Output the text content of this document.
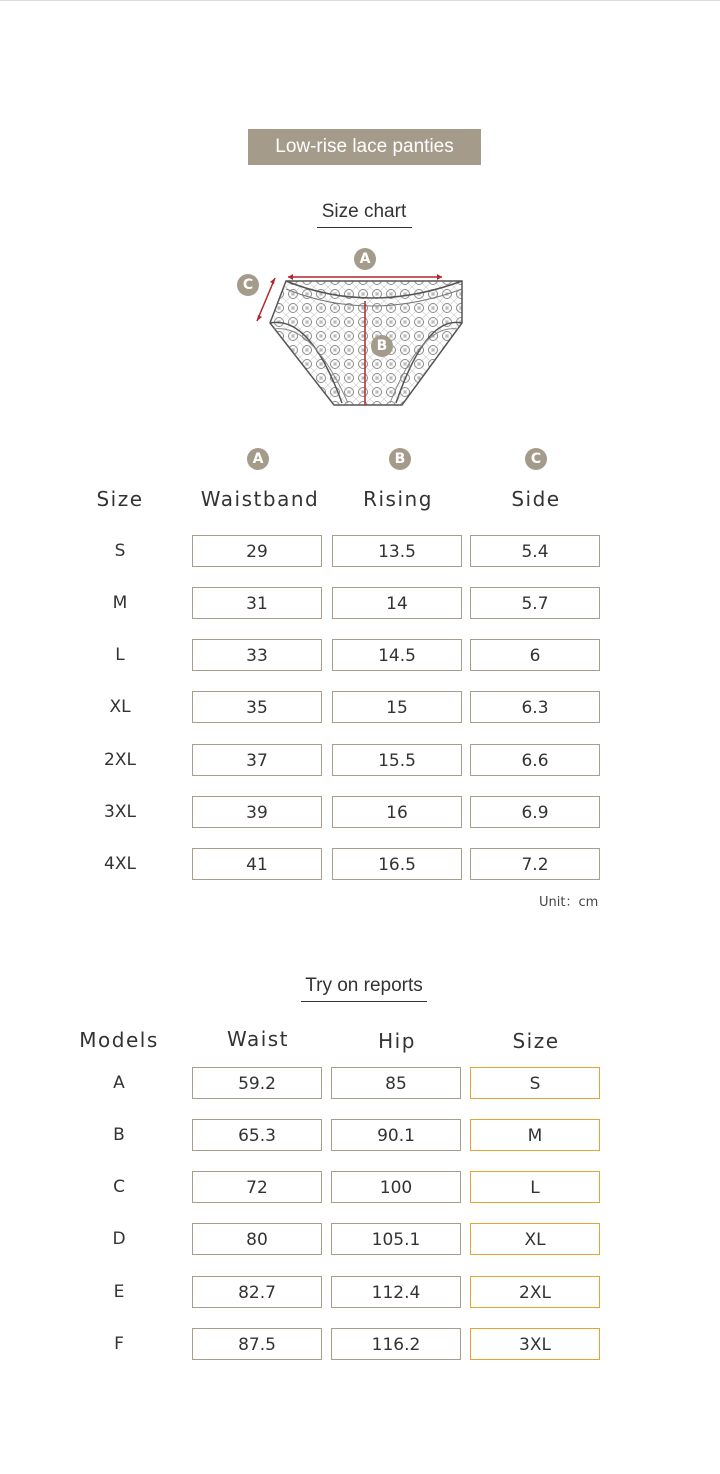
Low-rise lace panties
Size chart
A
B
C
A	B	C
Size	Waistband	Rising	Side
S	29	13.5	5.4
M	31	14	5.7
L	33	14.5	6
XL	35	15	6.3
2XL	37	15.5	6.6
3XL	39	16	6.9
4XL	41	16.5	7.2
Unit：cm
Try on reports
Models	Waist	Hip	Size
A	59.2	85	S
B	65.3	90.1	M
C	72	100	L
D	80	105.1	XL
E	82.7	112.4	2XL
F	87.5	116.2	3XL
